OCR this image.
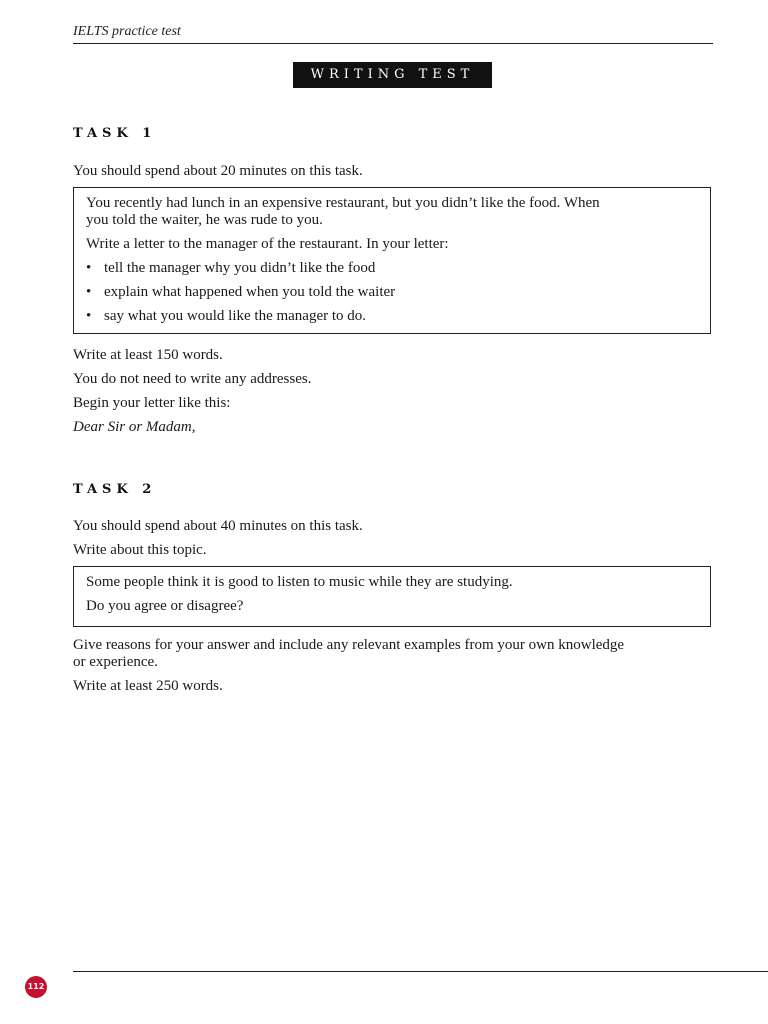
IELTS practice test
WRITING TEST
TASK 1
You should spend about 20 minutes on this task.
You recently had lunch in an expensive restaurant, but you didn’t like the food. When
you told the waiter, he was rude to you.
Write a letter to the manager of the restaurant. In your letter:
• tell the manager why you didn’t like the food
• explain what happened when you told the waiter
• say what you would like the manager to do.
Write at least 150 words.
You do not need to write any addresses.
Begin your letter like this:
Dear Sir or Madam,
TASK 2
You should spend about 40 minutes on this task.
Write about this topic.
Some people think it is good to listen to music while they are studying.
Do you agree or disagree?
Give reasons for your answer and include any relevant examples from your own knowledge
or experience.
Write at least 250 words.
112
